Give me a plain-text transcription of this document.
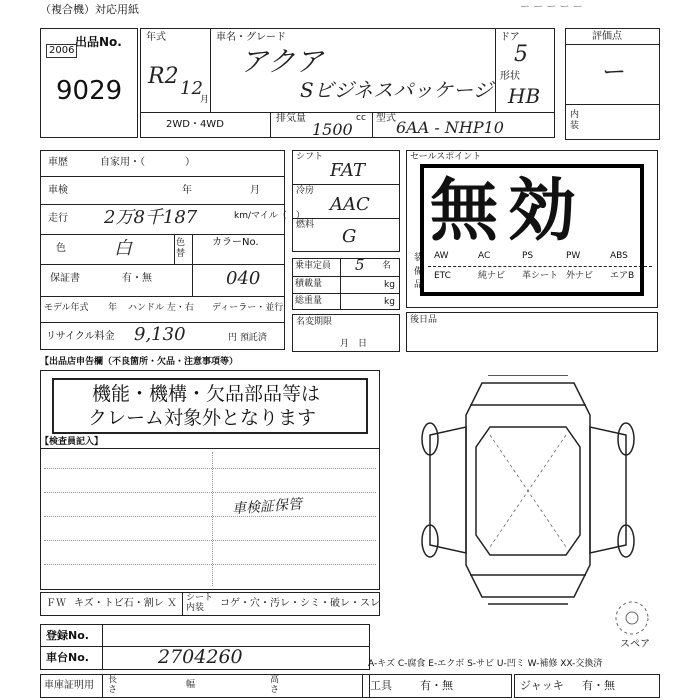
（複合機）対応用紙	ー ー ー ー ー
出品No.
2006
9029
年式
R2 12
月
車名・グレード
アクア
Sビジネスパッケージ
ドア
5
形状
HB
2WD・4WD
排気量	cc
1500
型式 6AA - NHP10
評価点
ー
内装
車歴	自家用・（　　　　）
車検	年	月
走行 2万8千187	km/マイル（　）
色	白	色替
カラーNo.
040
保証書	有・無
モデル年式 年 ハンドル 左・右 ディーラー・並行
リサイクル料金 9,130	円 預託済
シフト
FAT
冷房
AAC
燃料
G
乗車定員 5 名
積載量	kg
総重量	kg
名変期限
月　日
セールスポイント
装備品
AW	AC	PS	PW	ABS
ETC	純ナビ 革シート 外ナビ エアB
無効
後日品
【出品店申告欄（不良箇所・欠品・注意事項等）
機能・機構・欠品部品等は
クレーム対象外となります
【検査員記入】
車検証保管
スペア
ＦＷ キズ・トビ石・割レ Ｘ シート内装	コゲ・穴・汚レ・シミ・破レ・スレ
登録No.
車台No.	2704260
車庫証明用 長さ	幅	高さ
A-キズ C-腐食 E-エクボ S-サビ U-凹ミ W-補修 XX-交換済
工具	有・無	ジャッキ 有・無
